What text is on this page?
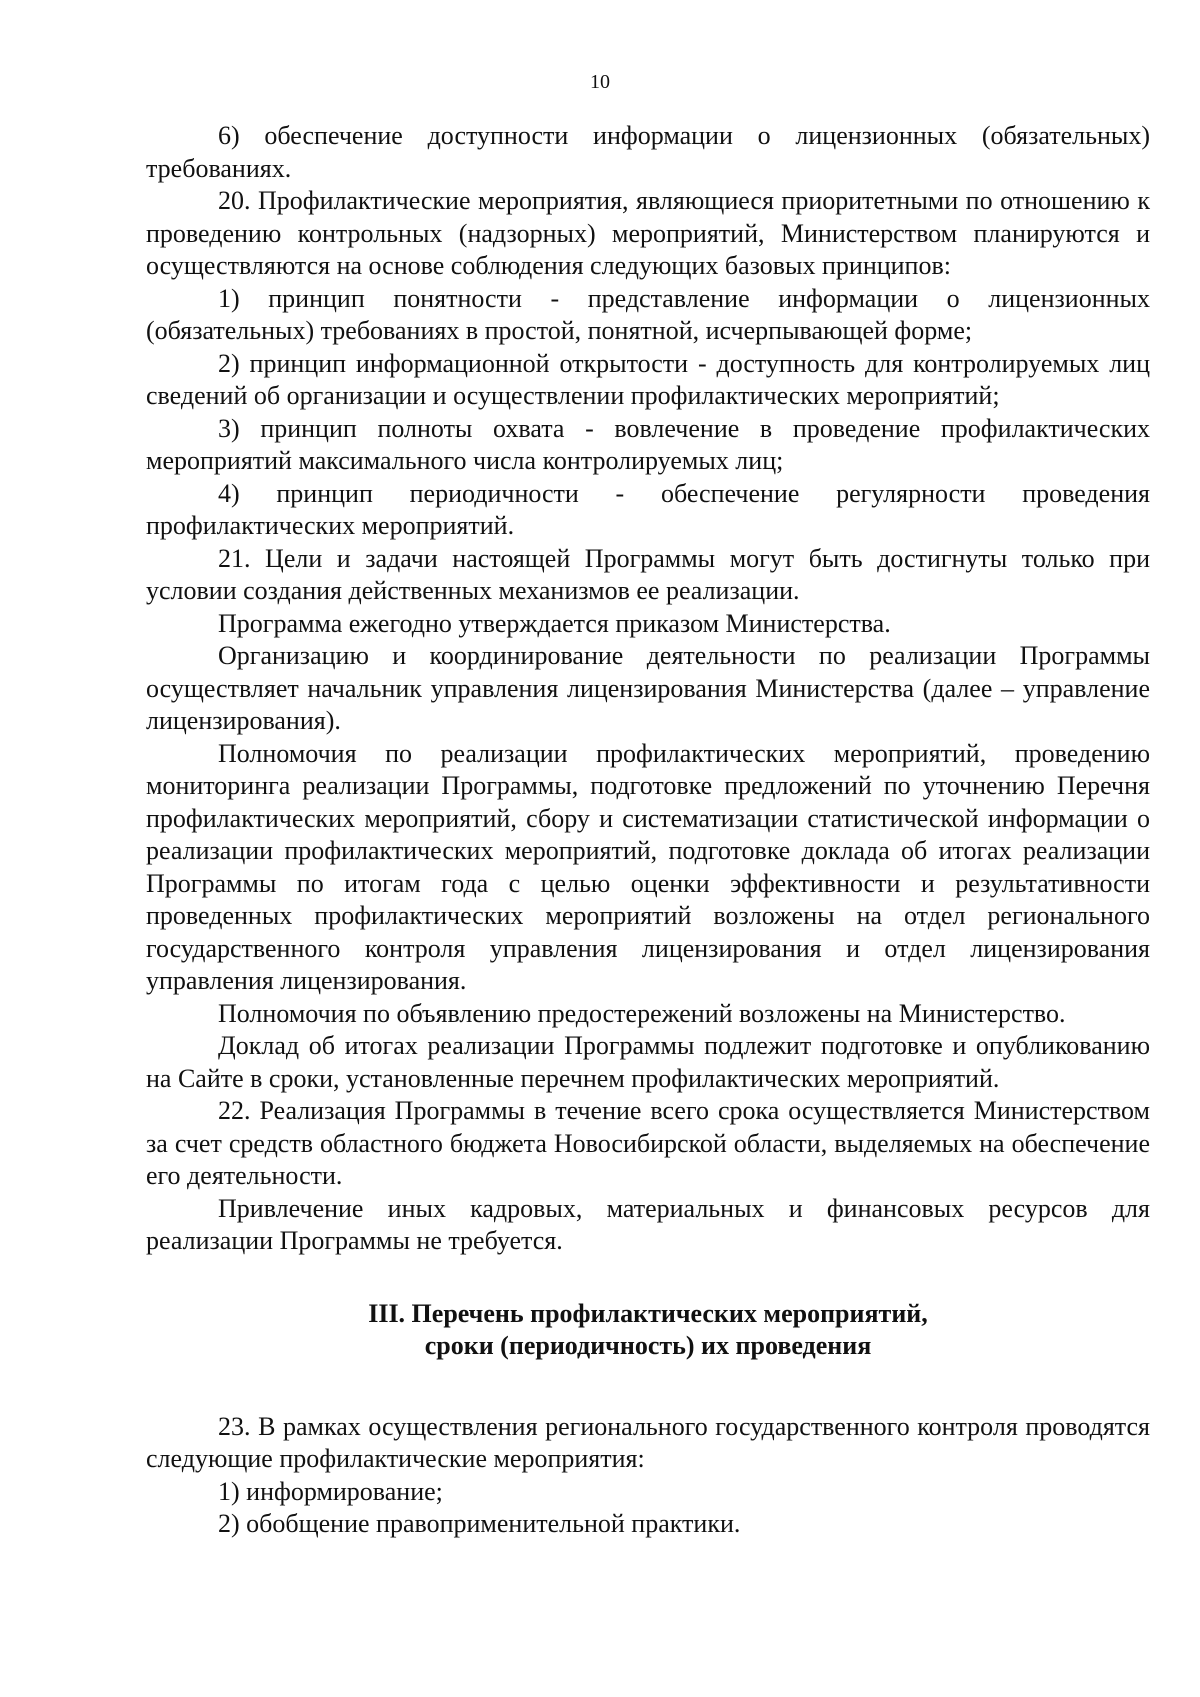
10

6) обеспечение доступности информации о лицензионных (обязательных) требованиях.

20. Профилактические мероприятия, являющиеся приоритетными по отношению к проведению контрольных (надзорных) мероприятий, Министерством планируются и осуществляются на основе соблюдения следующих базовых принципов:

1) принцип понятности - представление информации о лицензионных (обязательных) требованиях в простой, понятной, исчерпывающей форме;

2) принцип информационной открытости - доступность для контролируемых лиц сведений об организации и осуществлении профилактических мероприятий;

3) принцип полноты охвата - вовлечение в проведение профилактических мероприятий максимального числа контролируемых лиц;

4) принцип периодичности - обеспечение регулярности проведения профилактических мероприятий.

21. Цели и задачи настоящей Программы могут быть достигнуты только при условии создания действенных механизмов ее реализации.

Программа ежегодно утверждается приказом Министерства.

Организацию и координирование деятельности по реализации Программы осуществляет начальник управления лицензирования Министерства (далее – управление лицензирования).

Полномочия по реализации профилактических мероприятий, проведению мониторинга реализации Программы, подготовке предложений по уточнению Перечня профилактических мероприятий, сбору и систематизации статистической информации о реализации профилактических мероприятий, подготовке доклада об итогах реализации Программы по итогам года с целью оценки эффективности и результативности проведенных профилактических мероприятий возложены на отдел регионального государственного контроля управления лицензирования и отдел лицензирования управления лицензирования.

Полномочия по объявлению предостережений возложены на Министерство.

Доклад об итогах реализации Программы подлежит подготовке и опубликованию на Сайте в сроки, установленные перечнем профилактических мероприятий.

22. Реализация Программы в течение всего срока осуществляется Министерством за счет средств областного бюджета Новосибирской области, выделяемых на обеспечение его деятельности.

Привлечение иных кадровых, материальных и финансовых ресурсов для реализации Программы не требуется.

III. Перечень профилактических мероприятий,

сроки (периодичность) их проведения

23. В рамках осуществления регионального государственного контроля проводятся следующие профилактические мероприятия:

1) информирование;

2) обобщение правоприменительной практики.
